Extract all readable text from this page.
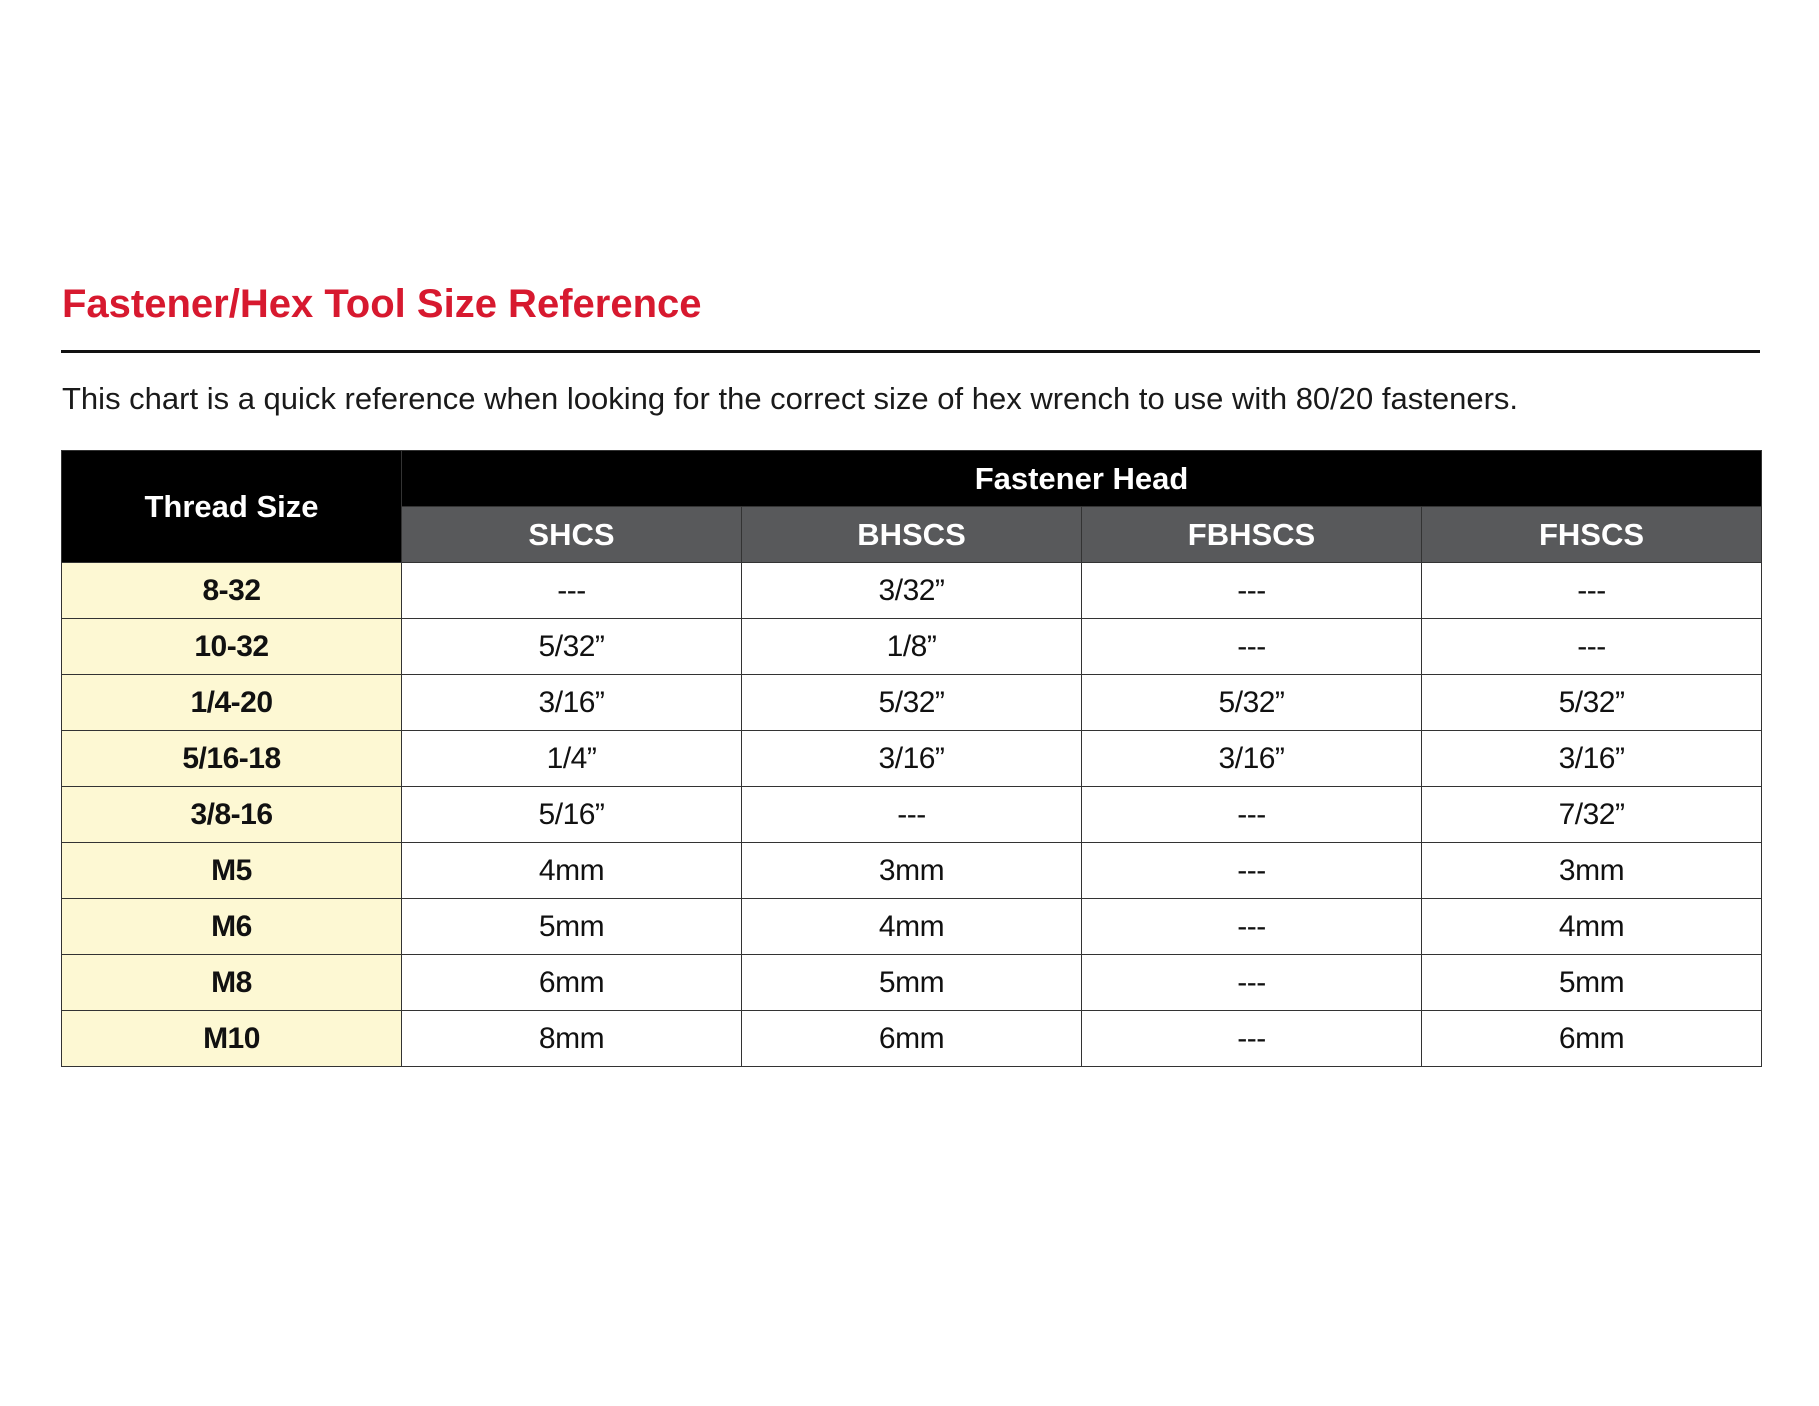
Fastener/Hex Tool Size Reference

This chart is a quick reference when looking for the correct size of hex wrench to use with 80/20 fasteners.

Thread Size	Fastener Head			
	SHCS	BHSCS	FBHSCS	FHSCS
8-32	---	3/32”	---	---
10-32	5/32”	1/8”	---	---
1/4-20	3/16”	5/32”	5/32”	5/32”
5/16-18	1/4”	3/16”	3/16”	3/16”
3/8-16	5/16”	---	---	7/32”
M5	4mm	3mm	---	3mm
M6	5mm	4mm	---	4mm
M8	6mm	5mm	---	5mm
M10	8mm	6mm	---	6mm
